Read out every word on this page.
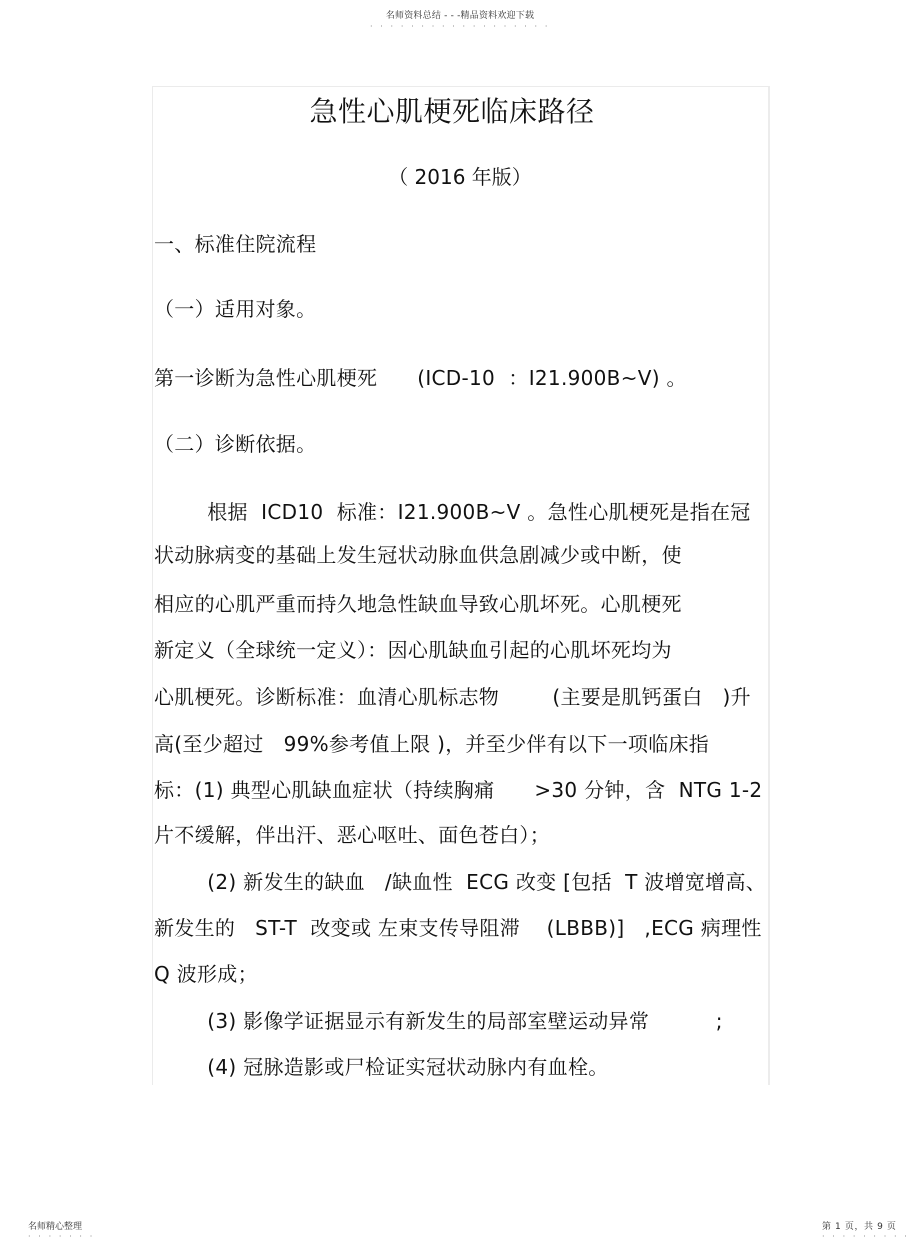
名师资料总结 - - -精品资料欢迎下载
· · · · · · · · · · · · · · · · · ·
急性心肌梗死临床路径
（ 2016 年版）
一、标准住院流程
（一）适用对象。
第一诊断为急性心肌梗死      (ICD-10  ：I21.900B~V) 。
（二）诊断依据。
根据  ICD10  标准：I21.900B~V 。急性心肌梗死是指在冠
状动脉病变的基础上发生冠状动脉血供急剧减少或中断，使
相应的心肌严重而持久地急性缺血导致心肌坏死。心肌梗死
新定义（全球统一定义）：因心肌缺血引起的心肌坏死均为
心肌梗死。诊断标准：血清心肌标志物        (主要是肌钙蛋白   )升
高(至少超过   99%参考值上限 )，并至少伴有以下一项临床指
标：(1) 典型心肌缺血症状（持续胸痛      >30 分钟，含  NTG 1-2
片不缓解，伴出汗、恶心呕吐、面色苍白）；
(2) 新发生的缺血   /缺血性  ECG 改变 [包括  T 波增宽增高、
新发生的   ST-T  改变或 左束支传导阻滞    (LBBB)]   ,ECG 病理性
Q 波形成；
(3) 影像学证据显示有新发生的局部室壁运动异常          ;
(4) 冠脉造影或尸检证实冠状动脉内有血栓。
名师精心整理
· · · · · · ·
第 1 页，共 9 页
· · · · · · · · ·
